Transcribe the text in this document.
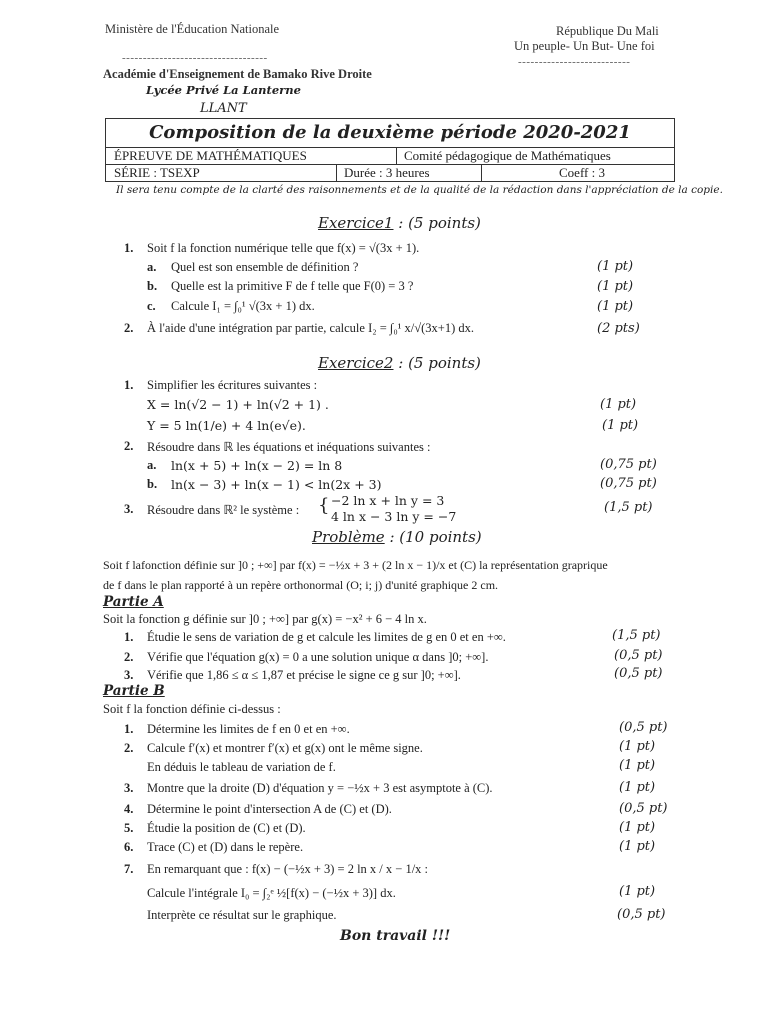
Ministère de l'Éducation Nationale	République Du Mali
Un peuple- Un But- Une foi
-----------------------------------	---------------------------
Académie d'Enseignement de Bamako Rive Droite
Lycée Privé La Lanterne
LLANT
Composition de la deuxième période 2020-2021
ÉPREUVE DE MATHÉMATIQUES	Comité pédagogique de Mathématiques
SÉRIE : TSEXP	Durée : 3 heures	Coeff : 3
Il sera tenu compte de la clarté des raisonnements et de la qualité de la rédaction dans l'appréciation de la copie.
Exercice1 : (5 points)
1. Soit f la fonction numérique telle que f(x) = √(3x + 1).
a. Quel est son ensemble de définition ?	(1 pt)
b. Quelle est la primitive F de f telle que F(0) = 3 ?	(1 pt)
c. Calcule I₁ = ∫₀¹ √(3x + 1) dx.	(1 pt)
2. À l'aide d'une intégration par partie, calcule I₂ = ∫₀¹ x/√(3x+1) dx.	(2 pts)
Exercice2 : (5 points)
1. Simplifier les écritures suivantes :
X = ln(√2 − 1) + ln(√2 + 1) .	(1 pt)
Y = 5 ln(1/e) + 4 ln(e√e).	(1 pt)
2. Résoudre dans ℝ les équations et inéquations suivantes :
a. ln(x + 5) + ln(x − 2) = ln 8	(0,75 pt)
b. ln(x − 3) + ln(x − 1) < ln(2x + 3)	(0,75 pt)
3. Résoudre dans ℝ² le système : { −2 ln x + ln y = 3
4 ln x − 3 ln y = −7
(1,5 pt)
Problème : (10 points)
Soit f lafonction définie sur ]0 ; +∞] par f(x) = −½x + 3 + (2 ln x − 1)/x et (C) la représentation graprique
de f dans le plan rapporté à un repère orthonormal (O; i; j) d'unité graphique 2 cm.
Partie A
Soit la fonction g définie sur ]0 ; +∞] par g(x) = −x² + 6 − 4 ln x.
1. Étudie le sens de variation de g et calcule les limites de g en 0 et en +∞.	(1,5 pt)
2. Vérifie que l'équation g(x) = 0 a une solution unique α dans ]0; +∞].	(0,5 pt)
3. Vérifie que 1,86 ≤ α ≤ 1,87 et précise le signe ce g sur ]0; +∞].	(0,5 pt)
Partie B
Soit f la fonction définie ci-dessus :
1. Détermine les limites de f en 0 et en +∞.	(0,5 pt)
2. Calcule f′(x) et montrer f′(x) et g(x) ont le même signe.	(1 pt)
En déduis le tableau de variation de f.	(1 pt)
3. Montre que la droite (D) d'équation y = −½x + 3 est asymptote à (C).	(1 pt)
4. Détermine le point d'intersection A de (C) et (D).	(0,5 pt)
5. Étudie la position de (C) et (D).	(1 pt)
6. Trace (C) et (D) dans le repère.	(1 pt)
7. En remarquant que : f(x) − (−½x + 3) = 2 ln x / x − 1/x :
Calcule l'intégrale I₀ = ∫₂ᵉ ½[f(x) − (−½x + 3)] dx.	(1 pt)
Interprète ce résultat sur le graphique.	(0,5 pt)
Bon travail !!!
